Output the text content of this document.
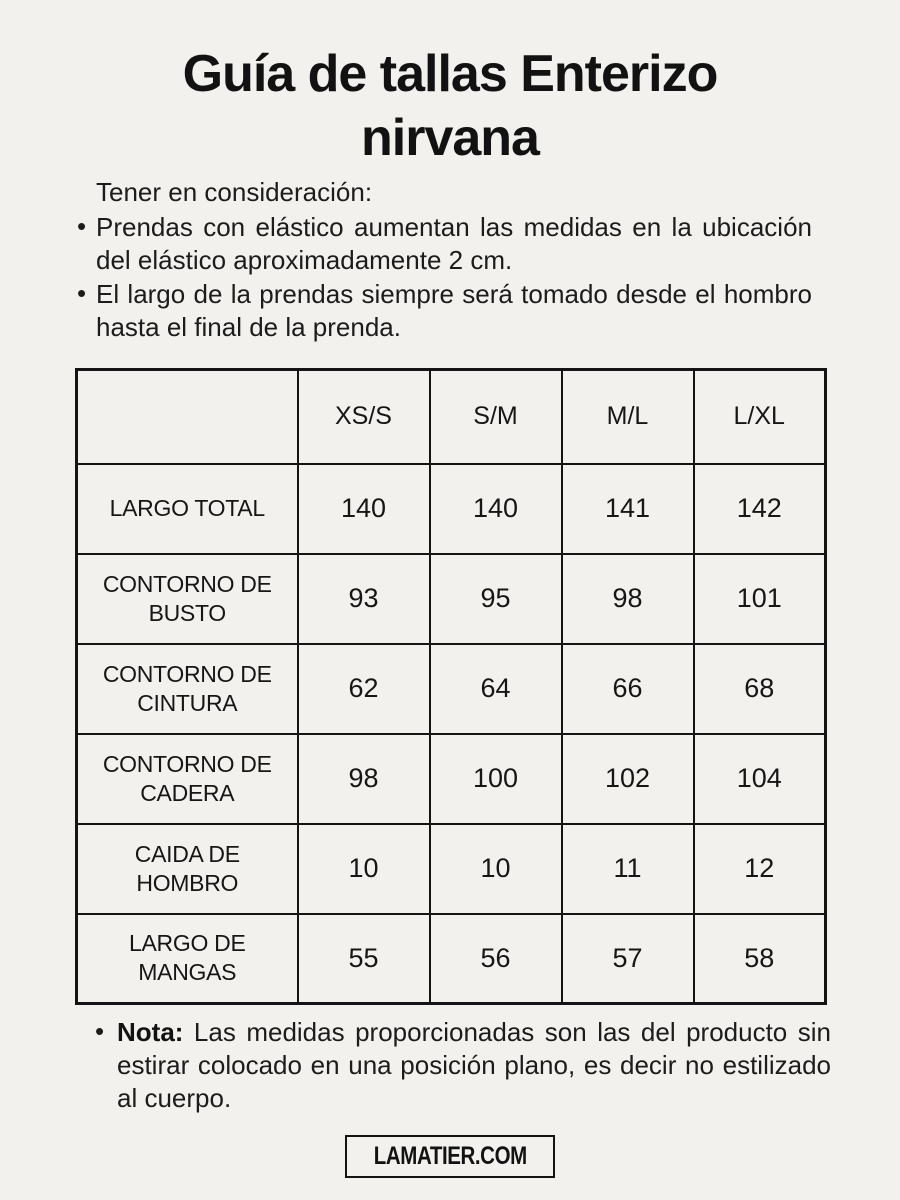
Guía de tallas Enterizo
nirvana
Tener en consideración:
• Prendas con elástico aumentan las medidas en la ubicación del elástico aproximadamente 2 cm.
• El largo de la prendas siempre será tomado desde el hombro hasta el final de la prenda.
	XS/S	S/M	M/L	L/XL
LARGO TOTAL	140	140	141	142
CONTORNO DE BUSTO	93	95	98	101
CONTORNO DE CINTURA	62	64	66	68
CONTORNO DE CADERA	98	100	102	104
CAIDA DE HOMBRO	10	10	11	12
LARGO DE MANGAS	55	56	57	58
• Nota: Las medidas proporcionadas son las del producto sin estirar colocado en una posición plano, es decir no estilizado al cuerpo.
LAMATIER.COM
